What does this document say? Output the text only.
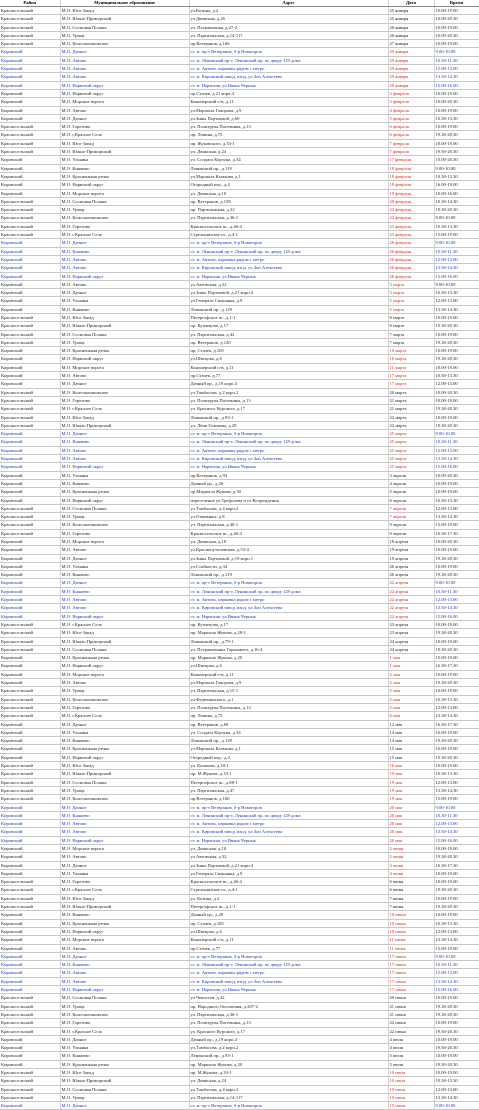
Район	Муниципальное образование	Адрес	Дата	Время
Красносельский	М.О. Юго-Запад	ул.Котина, д.2	25 января	10.00-19.00
Красносельский	М.О. Южно-Приморский	ул.Двинская, д.26	25 января	10.00-20.30
Красносельский	М.О. Сосновая Поляна	ул. Пограничная, д.27-2	26 января	10.00-19.00
Красносельский	М.О. Урицк	ул. Партизанская, д.14-117	26 января	10.00-20.30
Красносельский	М.О. Константиновское	пр.Ветеранов, д.166	27 января	10.00-19.00
Кировский	М.О. Дачное	ст. м. пр-т Ветеранов, б-р Новаторов	29 января	9.00-10.00
Кировский	М.О. Автово	ст. м. Ленинский пр-т, Ленинский пр. по двору 129 дома	29 января	10.30-11.30
Кировский	М.О. Автово	ст. м. Автово, парковка рядом с метро	29 января	12.00-13.00
Кировский	М.О. Автово	ст. м. Кировский завод, вход, ул.Зои Алексеева	29 января	13.30-14.30
Кировский	М.О. Нарвский округ	ст. м. Нарвская, ул.Ивана Черных	29 января	15.00-16.00
Кировский	М.О. Нарвский округ	пр.Стачек, д.21 корп.4	3 февраля	16.00-19.00
Кировский	М.О. Морские ворота	Канонерский о-в, д.11	3 февраля	10.00-20.30
Кировский	М.О. Автово	ул.Маршала Говорова, д.9	4 февраля	10.00-19.00
Кировский	М.О. Дачное	ул.Зины Портновой, д.60	5 февраля	10.30-13.30
Красносельский	М.О. Горелово	ул. Политрука Пасечника, д.13	6 февраля	10.00-19.00
Красносельский	М.О. г.Красное Село	пр. Ленина, д.75	6 февраля	19.30-20.30
Красносельский	М.О. Юго-Запад	пр. Жуковского, д.33-1	7 февраля	10.00-19.00
Красносельский	М.О. Южно-Приморский	ул. Двинская, д.24	7 февраля	19.30-20.30
Кировский	М.О. Ульянка	ул. Солдата Корзуна, д.34	17 февраля	10.00-20.30
Кировский	М.О. Княжево	Ленинский пр., д.119	18 февраля	9.00-10.00
Кировский	М.О. Красненькая речка	ул.Маршала Казакова, д.1	18 февраля	10.30-13.30
Кировский	М.О. Нарвский округ	Огородный пер., д.4	18 февраля	16.00-19.00
Кировский	М.О. Морские ворота	ул. Двинская, д.10	19 февраля	10.00-16.00
Красносельский	М.О. Сосновая Поляна	пр. Ветеранов, д.138	20 февраля	10.30-14.30
Красносельский	М.О. Урицк	пр. Партизанская, д.22	22 февраля	19.30-20.30
Красносельский	М.О. Константиновское	ул. Партизанская, д.36-1	22 февраля	9.00-10.00
Красносельский	М.О. Горелово	Красносельское ш., д.46-4	23 февраля	10.30-13.30
Красносельский	М.О. г.Красное Село	Стрельнинское ш., д.4-1	23 февраля	15.00-19.00
Кировский	М.О. Дачное	ст. м. пр-т Ветеранов, б-р Новаторов	26 февраля	9.00-10.00
Кировский	М.О. Княжево	ст. м. Ленинский пр-т, Ленинский пр. по двору 129 дома	26 февраля	10.30-11.30
Кировский	М.О. Автово	ст. м. Автово, парковка рядом с метро	26 февраля	12.00-13.00
Кировский	М.О. Автово	ст. м. Кировский завод, вход, ул.Зои Алексеева	26 февраля	13.30-14.30
Кировский	М.О. Нарвский округ	ст. м. Нарвская, ул.Ивана Черных	26 февраля	15.00-16.00
Кировский	М.О. Автово	ул.Автовская, д.32	3 марта	9.00-10.00
Кировский	М.О. Дачное	ул.Зины Портновой, д.21 корп.4	3 марта	10.30-13.30
Кировский	М.О. Ульянка	ул.Генерала Симоняка, д.9	5 марта	12.00-13.00
Кировский	М.О. Княжево	Ленинский пр., д.129	5 марта	13.30-14.30
Красносельский	М.О. Юго-Запад	Петергофское ш., д.1-1	6 марта	10.00-19.00
Красносельский	М.О. Южно-Приморский	пр. Кузнецова, д.17	6 марта	19.30-20.30
Красносельский	М.О. Сосновая Поляна	ул. Партизанская, д.42	7 марта	10.00-19.00
Красносельский	М.О. Урицк	пр. Ветеранов, д.120	7 марта	19.30-20.30
Кировский	М.О. Красненькая речка	пр. Стачек, д.105	10 марта	10.00-19.00
Кировский	М.О. Нарвский округ	ул.Швецова, д.6	10 марта	19.30-20.30
Кировский	М.О. Морские ворота	Канонерский о-в, д.11	11 марта	10.00-19.00
Кировский	М.О. Автово	пр.Стачек, д.77	17 марта	10.30-13.30
Кировский	М.О. Дачное	Дачный пр., д.19 корп.4	17 марта	12.00-13.00
Красносельский	М.О. Константиновское	ул.Тамбасова, д.2 корп.2	20 марта	10.00-20.30
Красносельский	М.О. Горелово	ул. Политрука Пасечника, д.13	21 марта	10.00-19.00
Красносельский	М.О. г.Красное Село	ул. Красного Курсанта, д.17	21 марта	19.30-20.30
Красносельский	М.О. Юго-Запад	Ленинский пр., д.93-1	22 марта	10.00-19.00
Красносельский	М.О. Южно-Приморский	ул. Лёни Голикова, д.29	22 марта	19.30-20.30
Кировский	М.О. Дачное	ст. м. пр-т Ветеранов, б-р Новаторов	25 марта	9.00-10.00
Кировский	М.О. Княжево	ст. м. Ленинский пр-т, Ленинский пр. по двору 129 дома	25 марта	10.30-11.30
Кировский	М.О. Автово	ст. м. Автово, парковка рядом с метро	25 марта	12.00-13.00
Кировский	М.О. Автово	ст. м. Кировский завод, вход, ул.Зои Алексеева	25 марта	13.30-14.30
Кировский	М.О. Нарвский округ	ст. м. Нарвская, ул.Ивана Черных	25 марта	15.00-16.00
Кировский	М.О. Ульянка	пр.Ветеранов, д.93	3 апреля	10.00-20.30
Кировский	М.О. Княжево	Дачный пр., д.20	4 апреля	10.00-19.00
Кировский	М.О. Красненькая речка	пр.Маршала Жукова, д.30	5 апреля	10.00-19.00
Кировский	М.О. Нарвский округ	пересечение ул.Трефолева и ул.Возрождения	6 апреля	10.30-13.30
Красносельский	М.О. Сосновая Поляна	ул.Тамбасова, д.4 корп.2	7 апреля	12.00-13.00
Красносельский	М.О. Урицк	ул.Отважных, д.8	7 апреля	13.30-14.30
Красносельский	М.О. Константиновское	ул. Партизанская, д.40-1	9 апреля	15.00-19.00
Красносельский	М.О. Горелово	Красносельское ш., д.46-4	9 апреля	16.30-17.30
Кировский	М.О. Морские ворота	ул. Двинская, д.10	18 апреля	10.00-20.30
Кировский	М.О. Автово	ул.Краснопутиловская, д.53-4	19 апреля	10.00-19.00
Кировский	М.О. Дачное	ул.Зины Портновой, д.19 корп.1	19 апреля	19.30-20.30
Кировский	М.О. Ульянка	ул.Стойкости, д.34	20 апреля	10.00-19.00
Кировский	М.О. Княжево	Ленинский пр., д.119	20 апреля	19.30-20.30
Кировский	М.О. Дачное	ст. м. пр-т Ветеранов, б-р Новаторов	22 апреля	9.00-10.00
Кировский	М.О. Княжево	ст. м. Ленинский пр-т, Ленинский пр. по двору 129 дома	22 апреля	10.30-11.30
Кировский	М.О. Автово	ст. м. Автово, парковка рядом с метро	22 апреля	12.00-13.00
Кировский	М.О. Автово	ст. м. Кировский завод, вход, ул.Зои Алексеева	22 апреля	13.30-14.30
Кировский	М.О. Нарвский округ	ст. м. Нарвская, ул.Ивана Черных	22 апреля	15.00-16.00
Красносельский	М.О. г.Красное Село	пр. Кузнецова, д.17	23 апреля	10.00-19.00
Красносельский	М.О. Юго-Запад	пр. Маршала Жукова, д.28-1	23 апреля	19.30-20.30
Красносельский	М.О. Южно-Приморский	Ленинский пр., д.79-1	24 апреля	10.00-19.00
Красносельский	М.О. Сосновая Поляна	ул. Пограничника Гарькавого, д.16-4	24 апреля	19.30-20.30
Кировский	М.О. Красненькая речка	пр. Маршала Жукова, д.20	1 мая	15.00-19.00
Кировский	М.О. Нарвский округ	ул.Швецова, д.6	1 мая	16.30-17.30
Кировский	М.О. Морские ворота	Канонерский о-в, д.11	2 мая	10.00-19.00
Кировский	М.О. Автово	ул.Маршала Говорова, д.9	2 мая	19.30-20.30
Красносельский	М.О. Урицк	ул. Партизанская, д.15-1	5 мая	10.00-19.00
Красносельский	М.О. Константиновское	ул.Федюнинского, д.1	5 мая	10.30-13.30
Красносельский	М.О. Горелово	ул. Политрука Пасечника, д.13	5 мая	12.00-13.00
Красносельский	М.О. г.Красное Село	пр. Ленина, д.75	6 мая	13.30-14.30
Кировский	М.О. Дачное	пр. Ветеранов, д.69	12 мая	16.30-17.30
Кировский	М.О. Ульянка	ул. Солдата Корзуна, д.34	14 мая	10.00-19.00
Кировский	М.О. Княжево	Ленинский пр., д.129	14 мая	19.30-20.30
Кировский	М.О. Красненькая речка	ул.Маршала Казакова, д.1	15 мая	10.00-19.00
Кировский	М.О. Нарвский округ	Огородный пер., д.4	15 мая	19.30-20.30
Красносельский	М.О. Юго-Запад	ул. Казакова, д.18-1	16 мая	10.00-19.00
Красносельский	М.О. Южно-Приморский	пр. М.Жукова, д.33-1	19 мая	10.30-13.30
Красносельский	М.О. Сосновая Поляна	Петергофское ш., д.88-1	19 мая	12.00-13.00
Красносельский	М.О. Урицк	ул. Партизанская, д.47	19 мая	13.30-14.30
Красносельский	М.О. Константиновское	пр.Ветеранов, д.166	19 мая	15.00-19.00
Кировский	М.О. Дачное	ст. м. пр-т Ветеранов, б-р Новаторов	20 мая	9.00-10.00
Кировский	М.О. Княжево	ст. м. Ленинский пр-т, Ленинский пр. по двору 129 дома	20 мая	10.30-11.30
Кировский	М.О. Автово	ст. м. Автово, парковка рядом с метро	20 мая	12.00-13.00
Кировский	М.О. Автово	ст. м. Кировский завод, вход, ул.Зои Алексеева	20 мая	13.30-14.30
Кировский	М.О. Нарвский округ	ст. м. Нарвская, ул.Ивана Черных	20 мая	15.00-16.00
Кировский	М.О. Морские ворота	ул. Двинская, д.10	2 июня	10.00-19.00
Кировский	М.О. Автово	ул.Автовская, д.32	2 июня	19.30-20.30
Кировский	М.О. Дачное	ул.Зины Портновой, д.21 корп.4	3 июня	16.30-17.30
Кировский	М.О. Ульянка	ул.Генерала Симоняка, д.9	4 июня	10.00-19.00
Красносельский	М.О. Горелово	Красносельское ш., д.46-4	6 июня	10.00-19.00
Красносельский	М.О. г.Красное Село	Стрельнинское ш., д.4-1	6 июня	19.30-20.30
Красносельский	М.О. Юго-Запад	ул. Котина, д.2	7 июня	10.00-19.00
Красносельский	М.О. Южно-Приморский	Петергофское ш., д.1-1	7 июня	19.30-20.30
Кировский	М.О. Княжево	Дачный пр., д.20	10 июня	10.00-19.00
Кировский	М.О. Красненькая речка	пр. Стачек, д.105	10 июня	10.30-13.30
Кировский	М.О. Нарвский округ	ул.Швецова, д.6	10 июня	12.00-13.00
Кировский	М.О. Морские ворота	Канонерский о-в, д.11	11 июня	13.30-14.30
Кировский	М.О. Автово	пр.Стачек, д.77	11 июня	15.00-19.00
Кировский	М.О. Дачное	ст. м. пр-т Ветеранов, б-р Новаторов	17 июня	9.00-10.00
Кировский	М.О. Княжево	ст. м. Ленинский пр-т, Ленинский пр. по двору 129 дома	17 июня	10.30-11.30
Кировский	М.О. Автово	ст. м. Автово, парковка рядом с метро	17 июня	12.00-13.00
Кировский	М.О. Автово	ст. м. Кировский завод, вход, ул.Зои Алексеева	17 июня	13.30-14.30
Кировский	М.О. Нарвский округ	ст. м. Нарвская, ул.Ивана Черных	17 июня	15.00-16.00
Красносельский	М.О. Сосновая Поляна	ул.Чекистов, д.42	20 июня	10.00-19.00
Красносельский	М.О. Урицк	пр. Народного Ополчения, д.207-2	21 июня	19.30-20.30
Красносельский	М.О. Константиновское	ул. Партизанская, д.36-1	21 июня	19.30-20.30
Красносельский	М.О. Горелово	ул. Политрука Пасечника, д.13	22 июня	10.00-19.00
Красносельский	М.О. г.Красное Село	ул. Красного Курсанта, д.17	22 июня	19.30-20.30
Кировский	М.О. Дачное	Дачный пр., д.19 корп.4	4 июля	10.00-19.00
Кировский	М.О. Ульянка	ул.Тамбасова, д.2 корп.2	4 июля	19.30-20.30
Кировский	М.О. Княжево	Ленинский пр., д.93-1	5 июля	10.00-19.00
Кировский	М.О. Красненькая речка	пр. Маршала Жукова, д.20	5 июля	19.30-20.30
Красносельский	М.О. Юго-Запад	пр. М.Жукова, д.33-1	10 июля	10.00-19.00
Красносельский	М.О. Южно-Приморский	ул. Двинская, д.24	10 июля	10.30-13.30
Красносельский	М.О. Сосновая Поляна	ул.Тамбасова, д.4 корп.2	10 июля	12.00-13.00
Красносельский	М.О. Урицк	ул. Партизанская, д.14-117	10 июля	13.30-14.30
Кировский	М.О. Дачное	ст. м. пр-т Ветеранов, б-р Новаторов	15 июля	9.00-10.00
